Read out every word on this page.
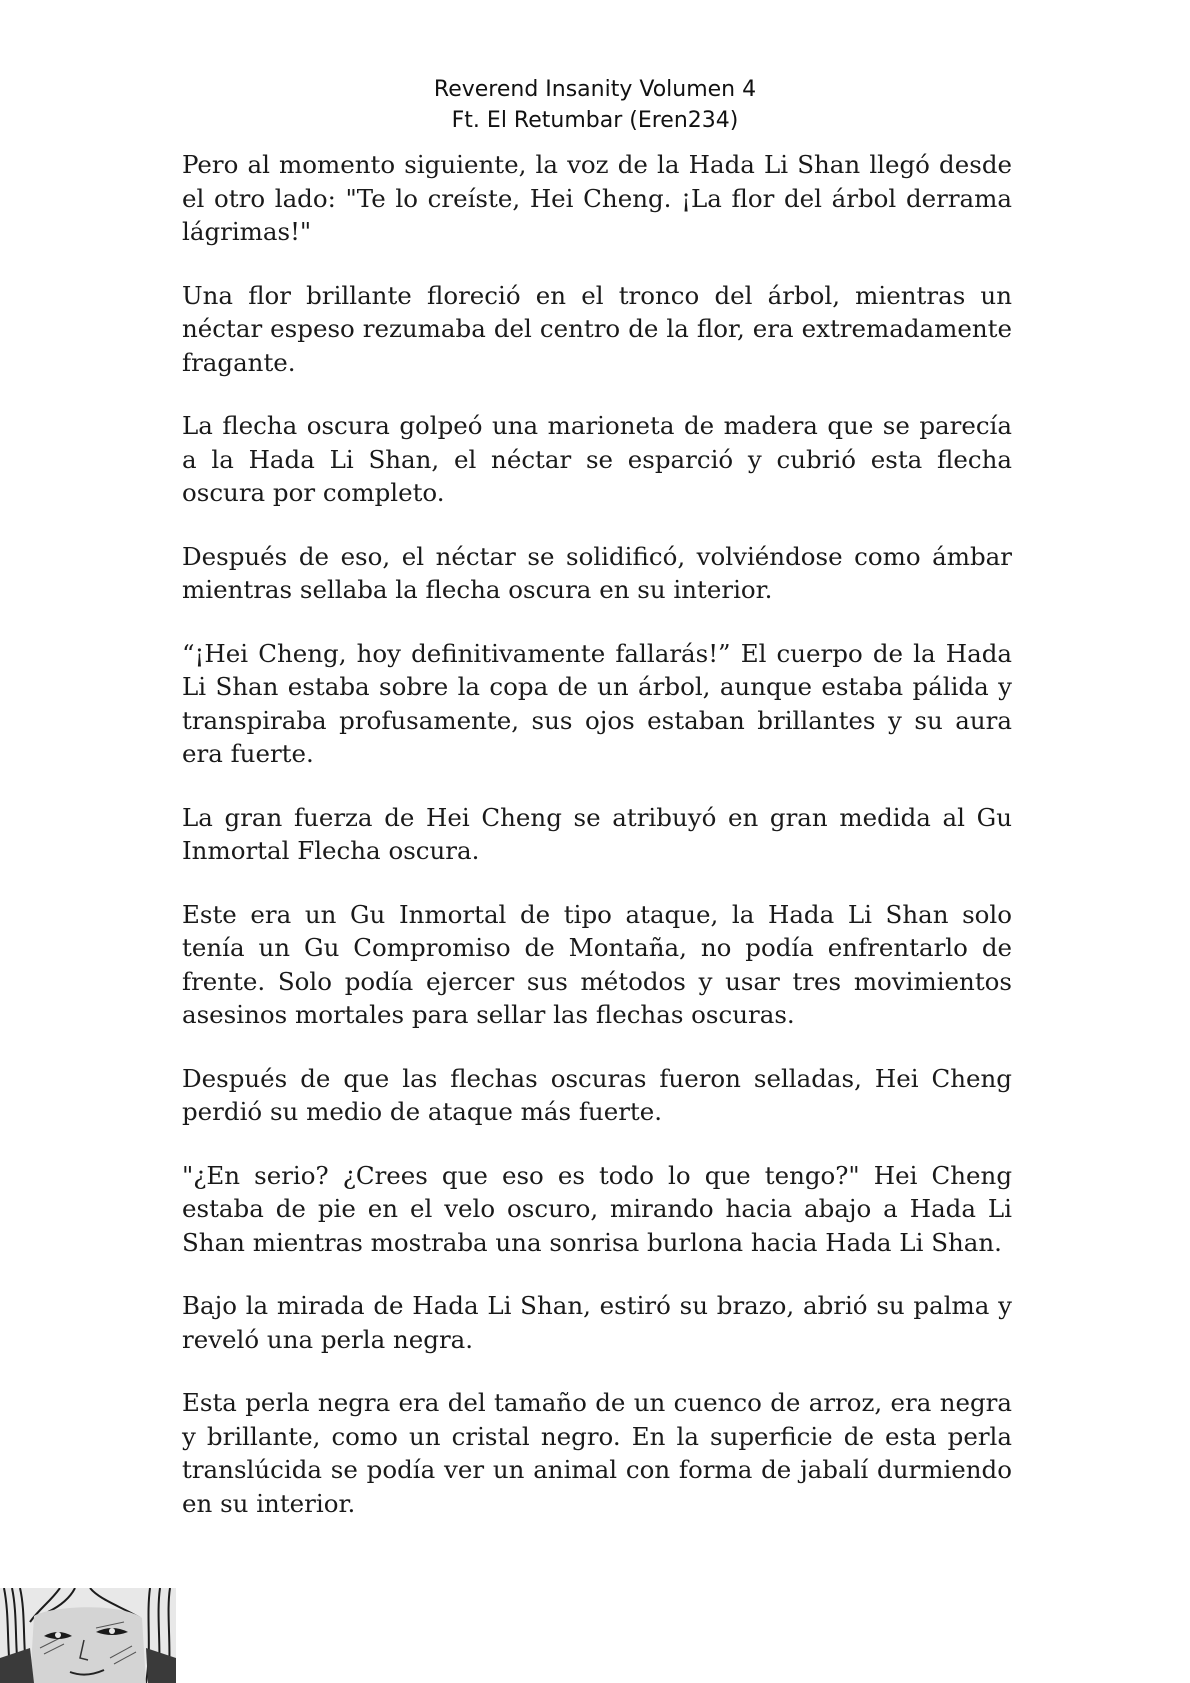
Reverend Insanity Volumen 4
Ft. El Retumbar (Eren234)

Pero al momento siguiente, la voz de la Hada Li Shan llegó desde el otro lado: "Te lo creíste, Hei Cheng. ¡La flor del árbol derrama lágrimas!"

Una flor brillante floreció en el tronco del árbol, mientras un néctar espeso rezumaba del centro de la flor, era extremadamente fragante.

La flecha oscura golpeó una marioneta de madera que se parecía a la Hada Li Shan, el néctar se esparció y cubrió esta flecha oscura por completo.

Después de eso, el néctar se solidificó, volviéndose como ámbar mientras sellaba la flecha oscura en su interior.

“¡Hei Cheng, hoy definitivamente fallarás!” El cuerpo de la Hada Li Shan estaba sobre la copa de un árbol, aunque estaba pálida y transpiraba profusamente, sus ojos estaban brillantes y su aura era fuerte.

La gran fuerza de Hei Cheng se atribuyó en gran medida al Gu Inmortal Flecha oscura.

Este era un Gu Inmortal de tipo ataque, la Hada Li Shan solo tenía un Gu Compromiso de Montaña, no podía enfrentarlo de frente. Solo podía ejercer sus métodos y usar tres movimientos asesinos mortales para sellar las flechas oscuras.

Después de que las flechas oscuras fueron selladas, Hei Cheng perdió su medio de ataque más fuerte.

"¿En serio? ¿Crees que eso es todo lo que tengo?" Hei Cheng estaba de pie en el velo oscuro, mirando hacia abajo a Hada Li Shan mientras mostraba una sonrisa burlona hacia Hada Li Shan.

Bajo la mirada de Hada Li Shan, estiró su brazo, abrió su palma y reveló una perla negra.

Esta perla negra era del tamaño de un cuenco de arroz, era negra y brillante, como un cristal negro. En la superficie de esta perla translúcida se podía ver un animal con forma de jabalí durmiendo en su interior.
